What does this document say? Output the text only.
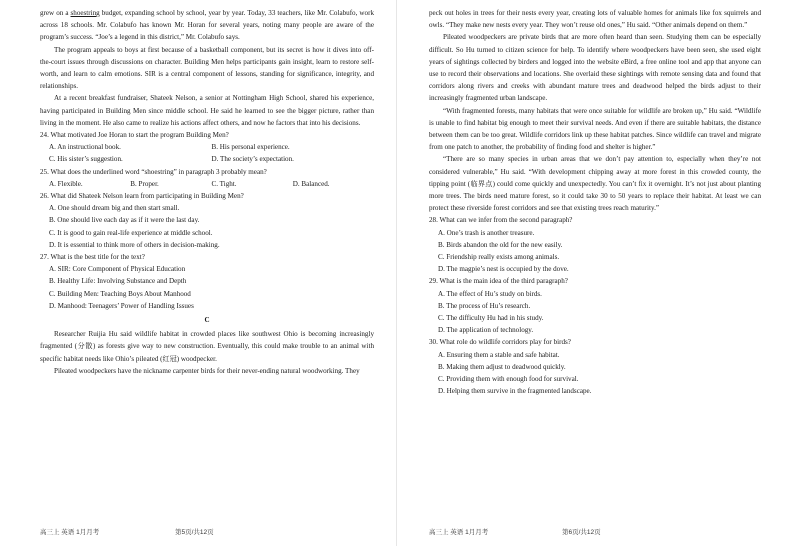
grew on a shoestring budget, expanding school by school, year by year. Today, 33 teachers, like Mr. Colabufo, work across 18 schools. Mr. Colabufo has known Mr. Horan for several years, noting many people are aware of the program’s success. “Joe’s a legend in this district,” Mr. Colabufo says.

The program appeals to boys at first because of a basketball component, but its secret is how it dives into off-the-court issues through discussions on character. Building Men helps participants gain insight, learn to restore self-worth, and learn to calm emotions. SIR is a central component of lessons, standing for significance, integrity, and relationships.

At a recent breakfast fundraiser, Shateek Nelson, a senior at Nottingham High School, shared his experience, having participated in Building Men since middle school. He said he learned to see the bigger picture, rather than living in the moment. He also came to realize his actions affect others, and now he factors that into his decisions.

24. What motivated Joe Horan to start the program Building Men?

A. An instructional book.	B. His personal experience.
C. His sister’s suggestion.	D. The society’s expectation.

25. What does the underlined word “shoestring” in paragraph 3 probably mean?

A. Flexible.	B. Proper.	C. Tight.	D. Balanced.

26. What did Shateek Nelson learn from participating in Building Men?

A. One should dream big and then start small.
B. One should live each day as if it were the last day.
C. It is good to gain real-life experience at middle school.
D. It is essential to think more of others in decision-making.

27. What is the best title for the text?

A. SIR: Core Component of Physical Education
B. Healthy Life: Involving Substance and Depth
C. Building Men: Teaching Boys About Manhood
D. Manhood: Teenagers’ Power of Handling Issues
C

Researcher Ruijia Hu said wildlife habitat in crowded places like southwest Ohio is becoming increasingly fragmented (分散) as forests give way to new construction. Eventually, this could make trouble to an animal with specific habitat needs like Ohio’s pileated (红冠) woodpecker.

Pileated woodpeckers have the nickname carpenter birds for their never-ending natural woodworking. They

高三上 英语 1月月考	第5页/共12页

peck out holes in trees for their nests every year, creating lots of valuable homes for animals like fox squirrels and owls. “They make new nests every year. They won’t reuse old ones,” Hu said. “Other animals depend on them.”

Pileated woodpeckers are private birds that are more often heard than seen. Studying them can be especially difficult. So Hu turned to citizen science for help. To identify where woodpeckers have been seen, she used eight years of sightings collected by birders and logged into the website eBird, a free online tool and app that anyone can use to record their observations and locations. She overlaid these sightings with remote sensing data and found that corridors along rivers and creeks with abundant mature trees and deadwood helped the birds adjust to their increasingly fragmented urban landscape.

“With fragmented forests, many habitats that were once suitable for wildlife are broken up,” Hu said. “Wildlife is unable to find habitat big enough to meet their survival needs. And even if there are suitable habitats, the distance between them can be too great. Wildlife corridors link up these habitat patches. Since wildlife can travel and migrate from one patch to another, the probability of finding food and shelter is higher.”

“There are so many species in urban areas that we don’t pay attention to, especially when they’re not considered vulnerable,” Hu said. “With development chipping away at more forest in this crowded county, the tipping point (临界点) could come quickly and unexpectedly. You can’t fix it overnight. It’s not just about planting more trees. The birds need mature forest, so it could take 30 to 50 years to replace their habitat. At least we can protect these riverside forest corridors and see that existing trees reach maturity.”

28. What can we infer from the second paragraph?

A. One’s trash is another treasure.
B. Birds abandon the old for the new easily.
C. Friendship really exists among animals.
D. The magpie’s nest is occupied by the dove.

29. What is the main idea of the third paragraph?

A. The effect of Hu’s study on birds.
B. The process of Hu’s research.
C. The difficulty Hu had in his study.
D. The application of technology.

30. What role do wildlife corridors play for birds?

A. Ensuring them a stable and safe habitat.
B. Making them adjust to deadwood quickly.
C. Providing them with enough food for survival.
D. Helping them survive in the fragmented landscape.
高三上 英语 1月月考	第6页/共12页
